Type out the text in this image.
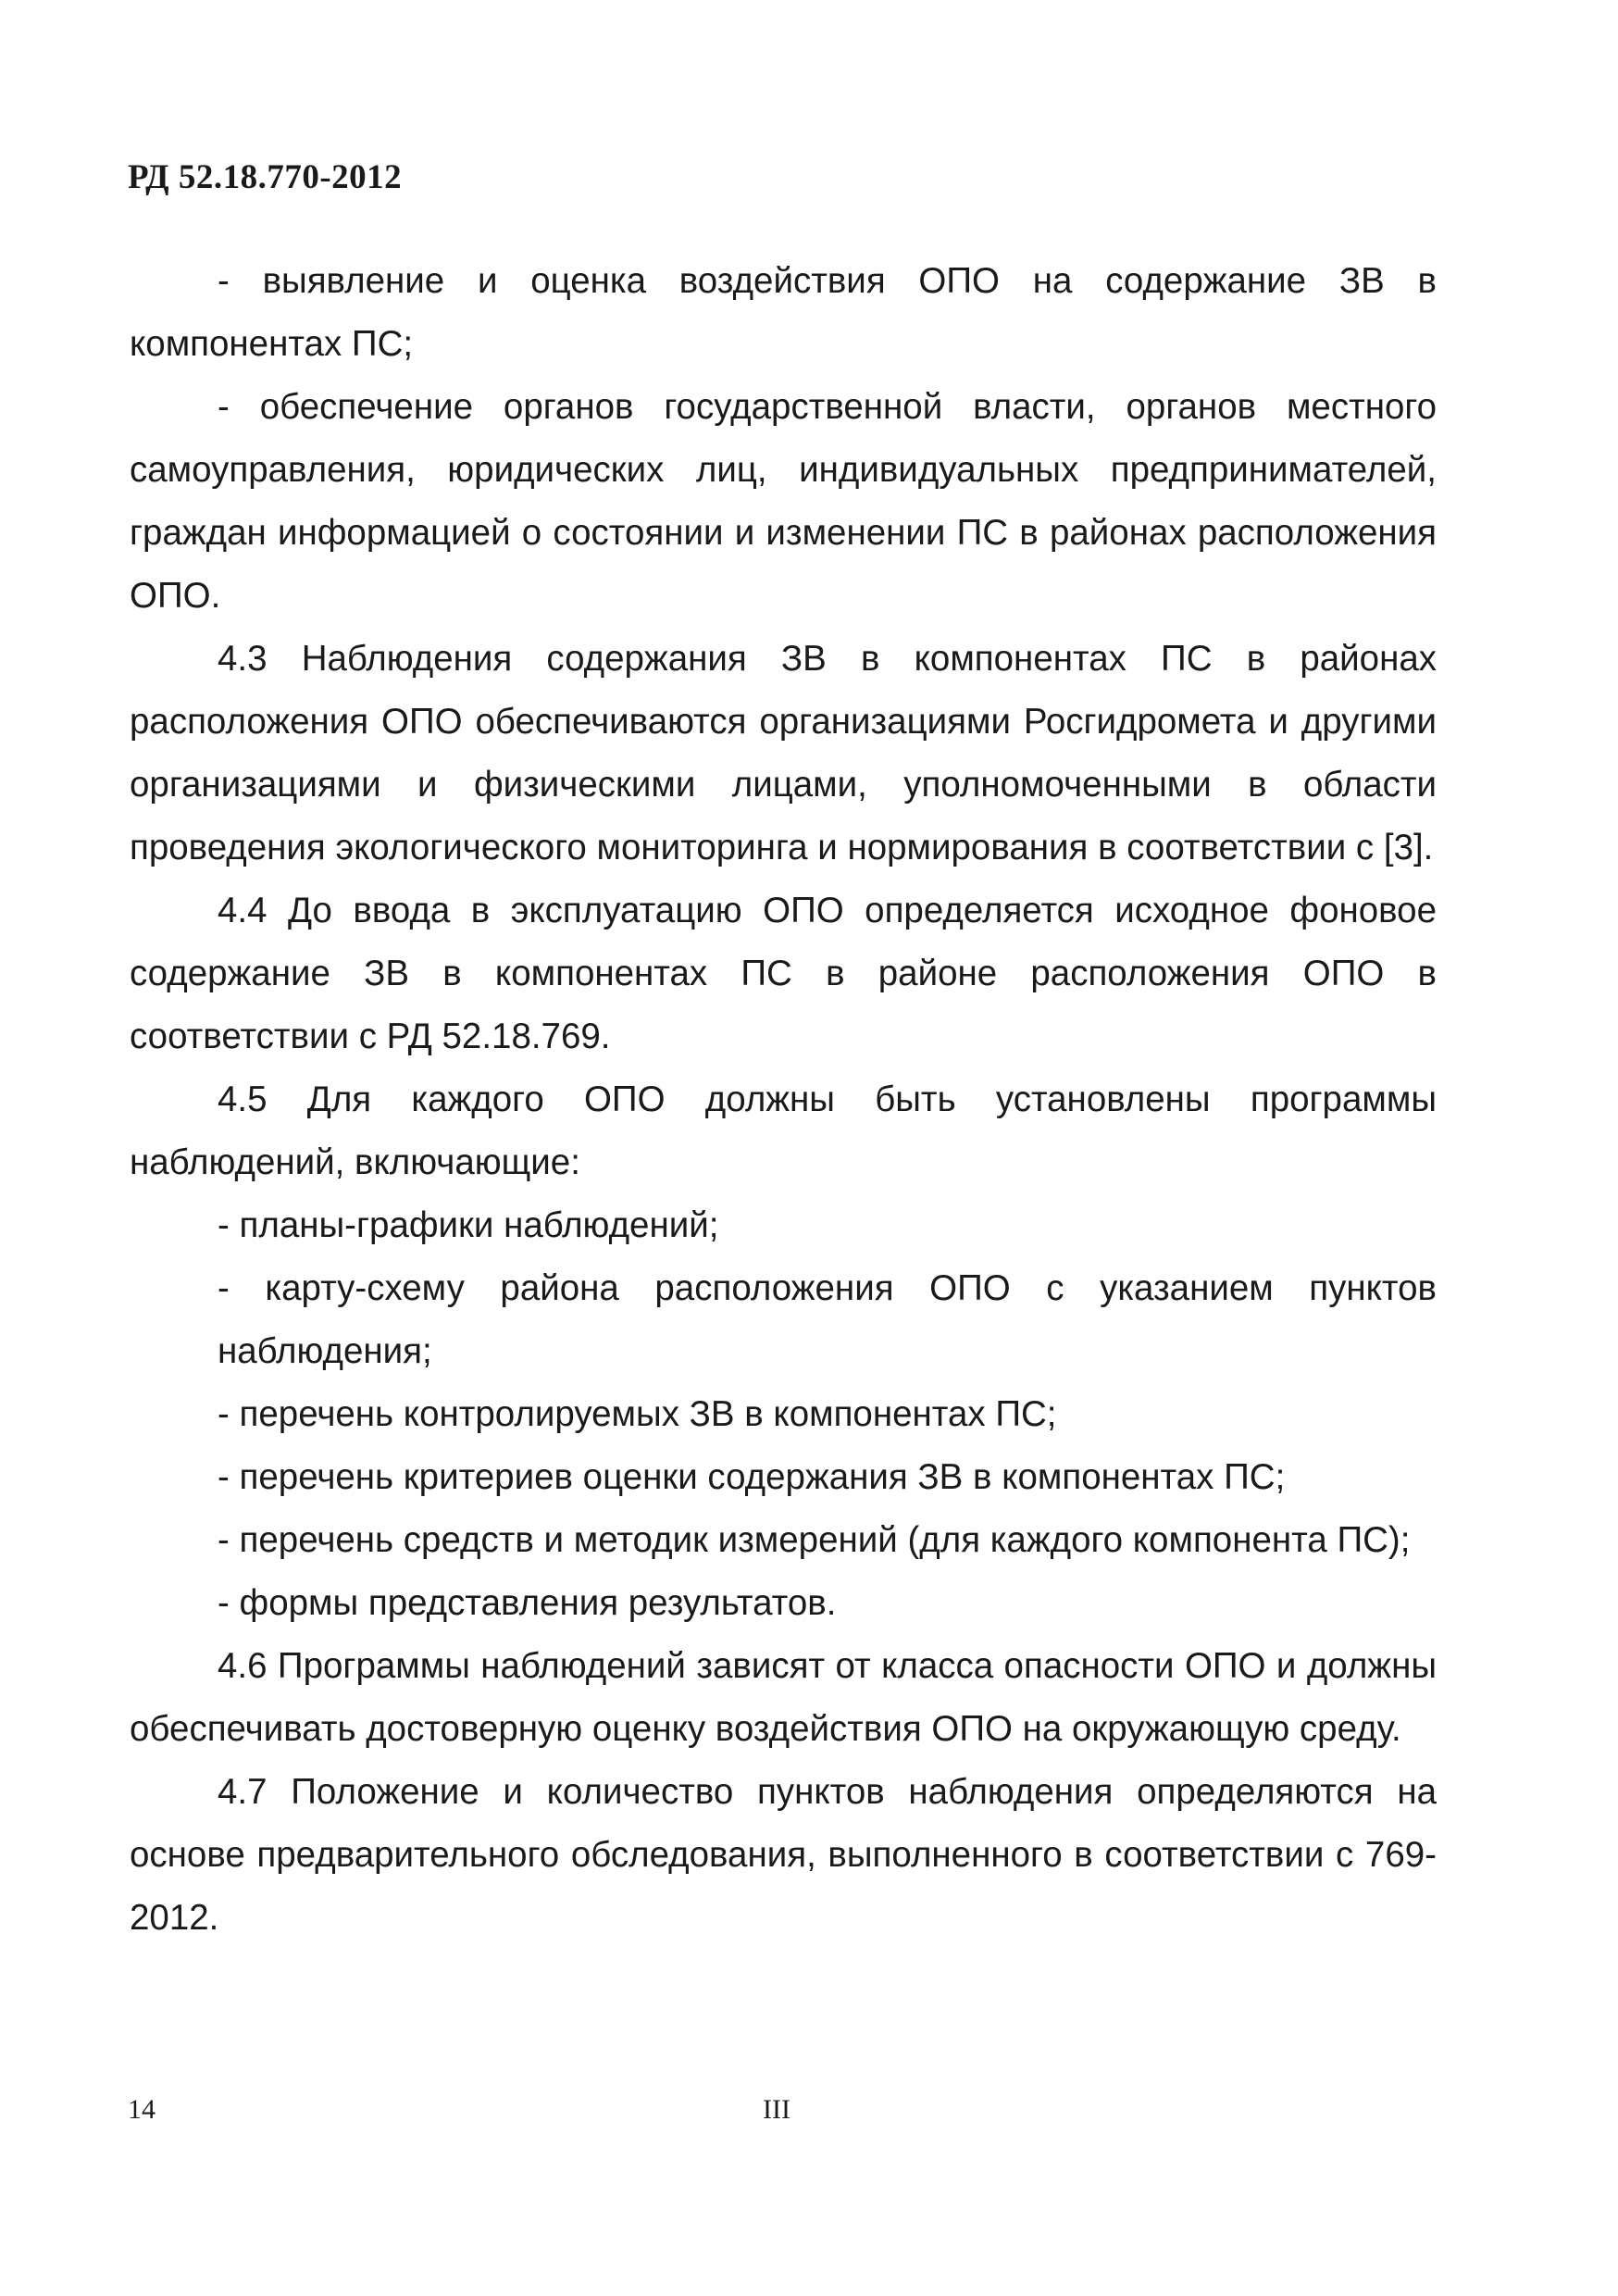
РД 52.18.770-2012

- выявление и оценка воздействия ОПО на содержание ЗВ в компонентах ПС;

- обеспечение органов государственной власти, органов местного самоуправления, юридических лиц, индивидуальных предпринимателей, граждан информацией о состоянии и изменении ПС в районах расположения ОПО.

4.3 Наблюдения содержания ЗВ в компонентах ПС в районах расположения ОПО обеспечиваются организациями Росгидромета и другими организациями и физическими лицами, уполномоченными в области проведения экологического мониторинга и нормирования в соответствии с [3].

4.4 До ввода в эксплуатацию ОПО определяется исходное фоновое содержание ЗВ в компонентах ПС в районе расположения ОПО в соответствии с РД 52.18.769.

4.5 Для каждого ОПО должны быть установлены программы наблюдений, включающие:

- планы-графики наблюдений;

- карту-схему района расположения ОПО с указанием пунктов наблюдения;

- перечень контролируемых ЗВ в компонентах ПС;

- перечень критериев оценки содержания ЗВ в компонентах ПС;

- перечень средств и методик измерений (для каждого компонента ПС);

- формы представления результатов.

4.6 Программы наблюдений зависят от класса опасности ОПО и должны обеспечивать достоверную оценку воздействия ОПО на окружающую среду.

4.7 Положение и количество пунктов наблюдения определяются на основе предварительного обследования, выполненного в соответствии с 769-2012.

14	III
